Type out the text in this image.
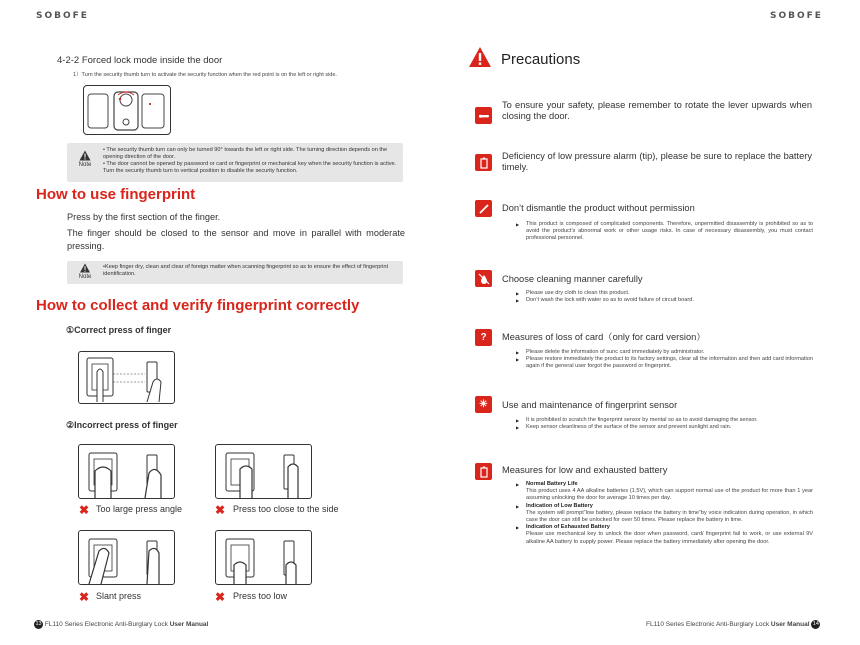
SOBOFE
4-2-2 Forced lock mode inside the door
1）Turn the security thumb turn to activate the security function when the red point is on the left or right side.
Note
• The security thumb turn can only be turned 90° towards the left or right side. The turning direction depends on the opening direction of the door.
• The door cannot be opened by password or card or fingerprint or mechanical key when the security function is active. Turn the security thumb turn to vertical position to disable the security function.
How to use fingerprint
Press by the first section of the finger.
The finger should be closed to the sensor and move in parallel with moderate pressing.
Note
•Keep finger dry, clean and clear of foreign matter when scanning fingerprint so as to ensure the effect of fingerprint identification.
How to collect and verify fingerprint correctly
①Correct press of finger
②Incorrect press of finger
✖ Too large press angle	✖ Press too close to the side
✖ Slant press	✖ Press too low
13 FL110 Series Electronic Anti-Burglary Lock User Manual
SOBOFE
Precautions
To ensure your safety, please remember to rotate the lever upwards when closing the door.
Deficiency of low pressure alarm (tip), please be sure to replace the battery timely.
Don’t dismantle the product without permission
▶ This product is composed of complicated components. Therefore, unpermitted disassembly is prohibited so as to avoid the product’s abnormal work or other usage risks. In case of necessary disassembly, you must contact professional personnel.
Choose cleaning manner carefully
▶ Please use dry cloth to clean this product.
▶ Don’t wash the lock with water so as to avoid failure of circuit board.
?	Measures of loss of card（only for card version）
▶ Please delete the information of sunc card immediately by administrator.
▶ Please restore immediately the product to its factory settings, clear all the information and then add card information again if the general user forgot the password or fingerprint.
✳	Use and maintenance of fingerprint sensor
▶ It is prohibited to scratch the fingerprint sensor by mental so as to avoid damaging the sensor.
▶ Keep sensor cleanliness of the surface of the sensor and prevent sunlight and rain.
Measures for low and exhausted battery
▶ Normal Battery Life
This product uses 4 AA alkaline batteries (1.5V), which can support normal use of the product for more than 1 year assuming unlocking the door for average 10 times per day.
▶ Indication of Low Battery
The system will prompt“low battery, please replace the battery in time”by voice indication during operation, in which case the door can still be unlocked for over 50 times. Please replace the battery in time.
▶ Indication of Exhausted Battery
Please use mechanical key to unlock the door when password, card/ fingerprint fail to work, or use external 9V alkaline AA battery to supply power. Please replace the battery immediately after opening the door.
FL110 Series Electronic Anti-Burglary Lock User Manual 14
